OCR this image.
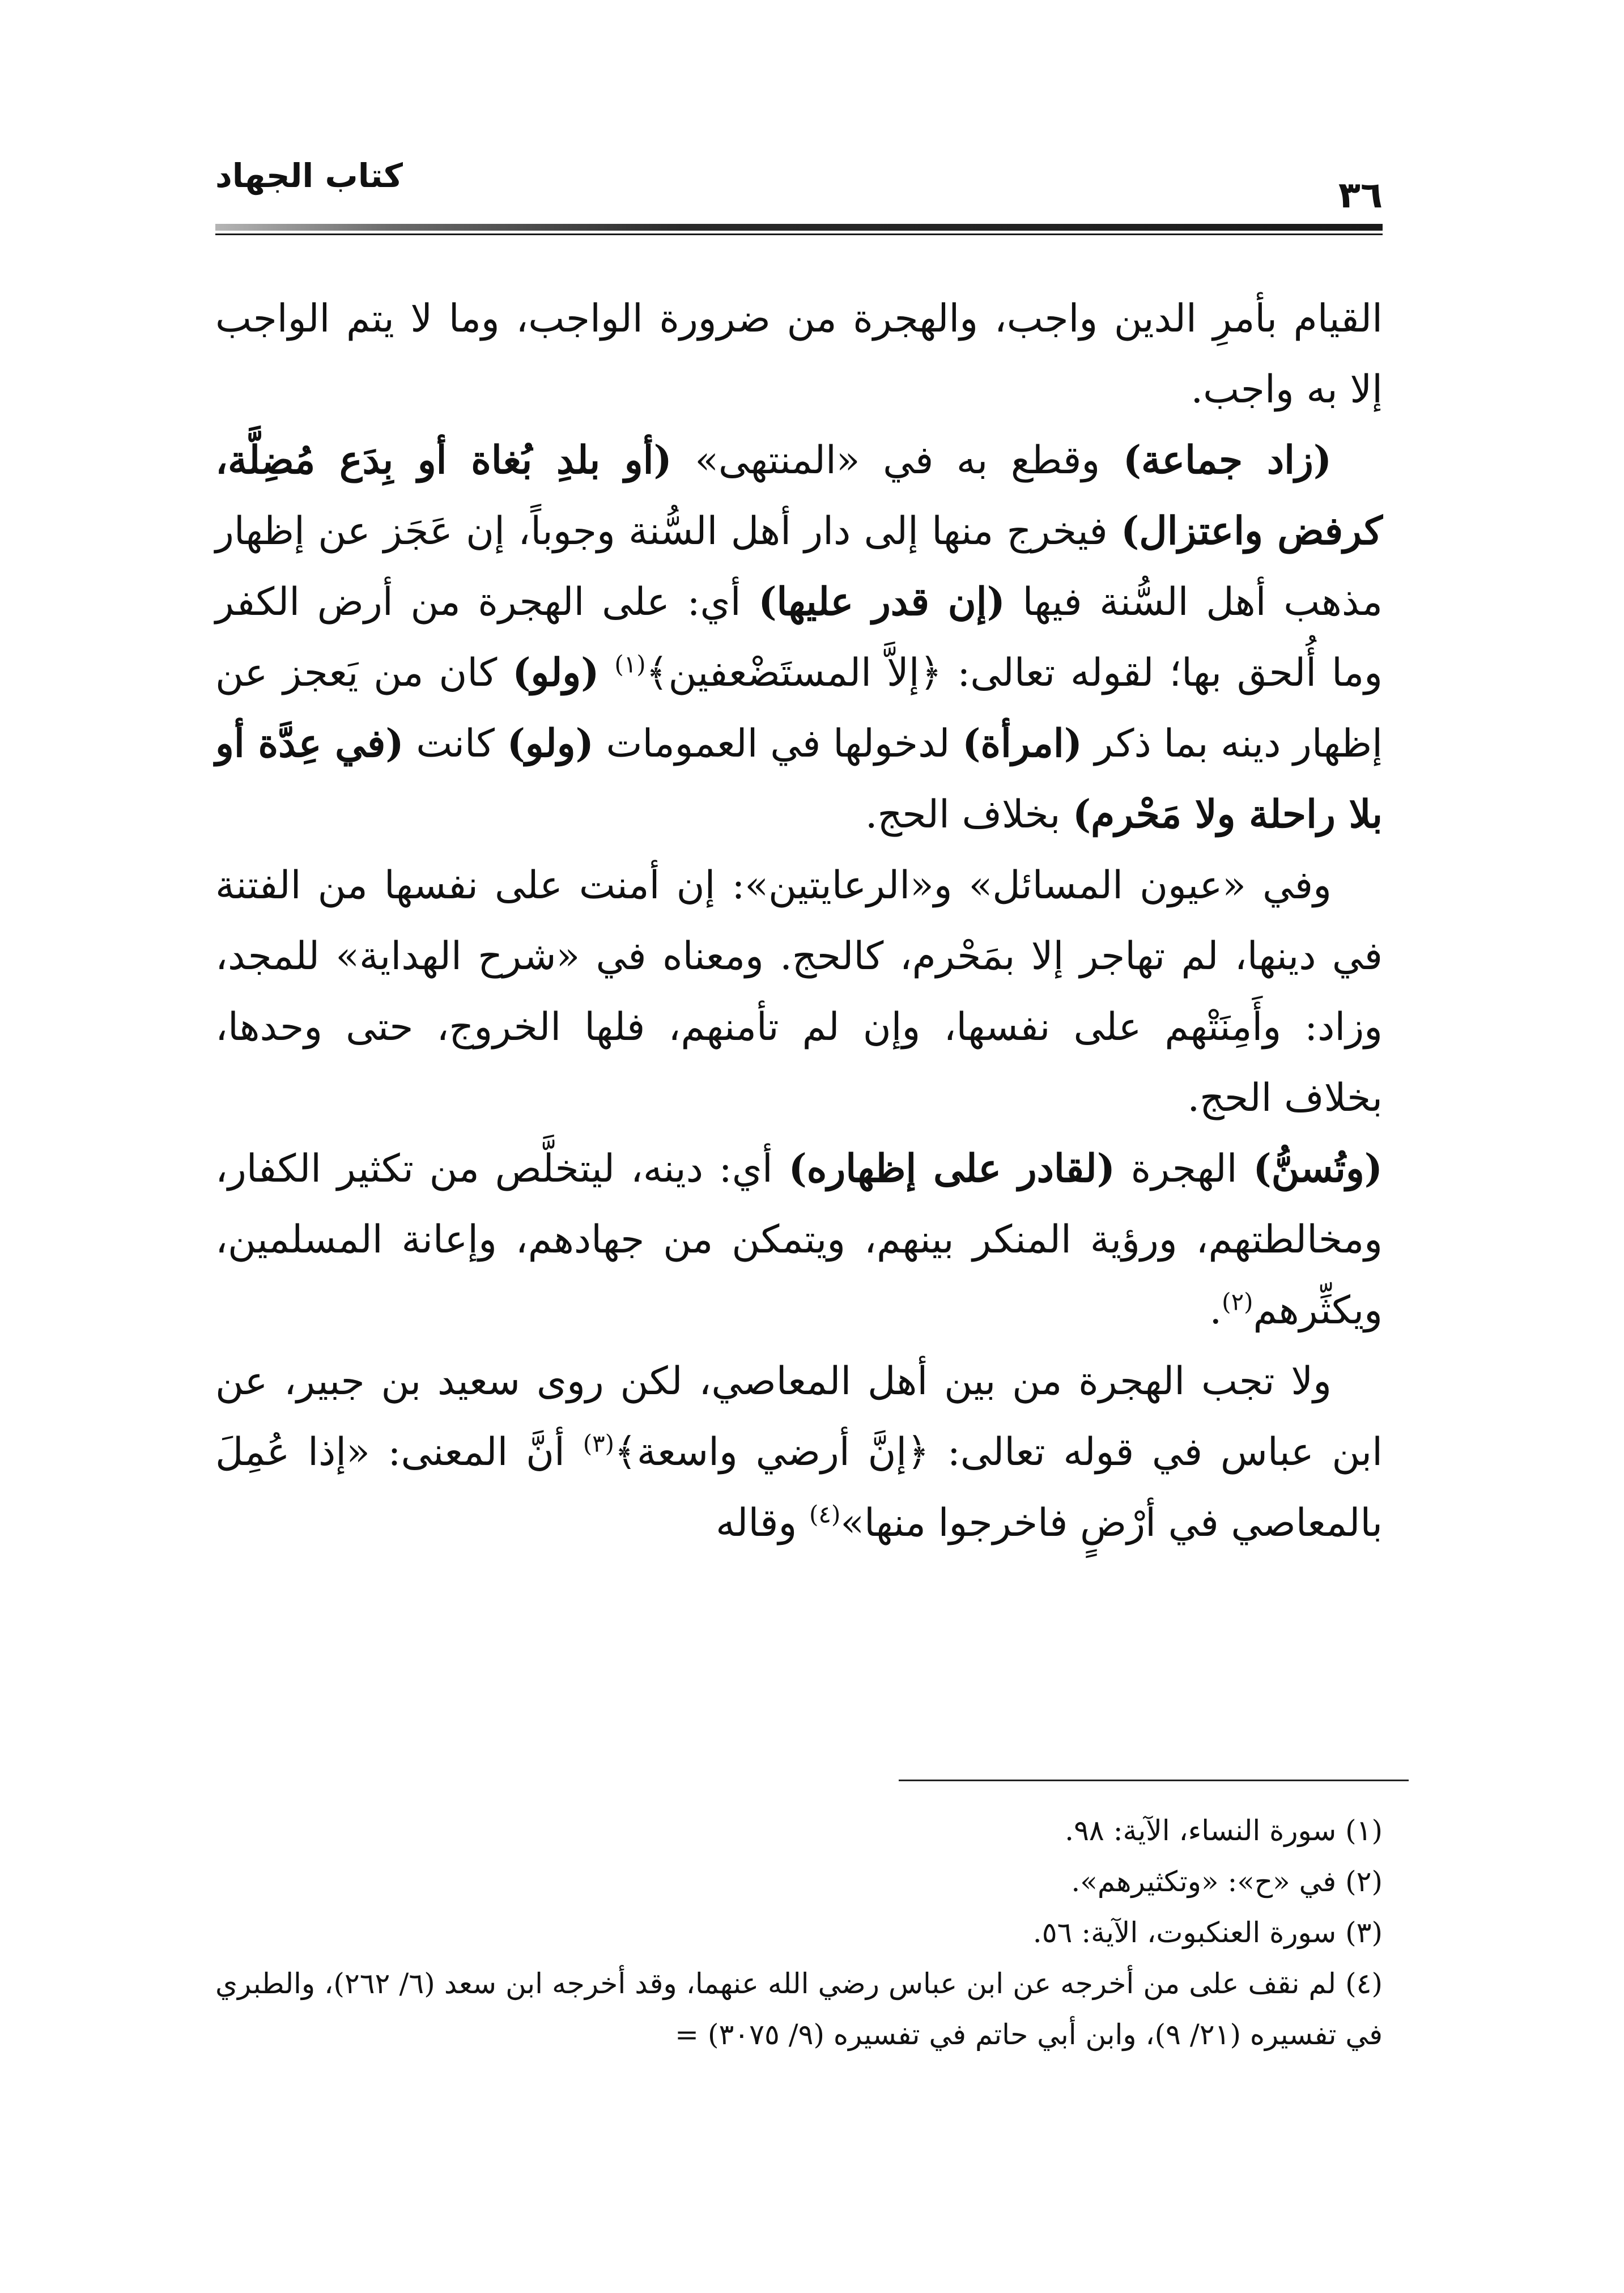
كتاب الجهاد	٣٦

القيام بأمرِ الدين واجب، والهجرة من ضرورة الواجب، وما لا يتم الواجب إلا به واجب.

(زاد جماعة) وقطع به في «المنتهى» (أو بلدِ بُغاة أو بِدَع مُضِلَّة، كرفض واعتزال) فيخرج منها إلى دار أهل السُّنة وجوباً، إن عَجَز عن إظهار مذهب أهل السُّنة فيها (إن قدر عليها) أي: على الهجرة من أرض الكفر وما أُلحق بها؛ لقوله تعالى: ﴿إلاَّ المستَضْعفين﴾$^{(١)}$ (ولو) كان من يَعجز عن إظهار دينه بما ذكر (امرأة) لدخولها في العمومات (ولو) كانت (في عِدَّة أو بلا راحلة ولا مَحْرم) بخلاف الحج.

وفي «عيون المسائل» و«الرعايتين»: إن أمنت على نفسها من الفتنة في دينها، لم تهاجر إلا بمَحْرم، كالحج. ومعناه في «شرح الهداية» للمجد، وزاد: وأَمِنَتْهم على نفسها، وإن لم تأمنهم، فلها الخروج، حتى وحدها، بخلاف الحج.

(وتُسنُّ) الهجرة (لقادر على إظهاره) أي: دينه، ليتخلَّص من تكثير الكفار، ومخالطتهم، ورؤية المنكر بينهم، ويتمكن من جهادهم، وإعانة المسلمين، ويكثِّرهم$^{(٢)}$.

ولا تجب الهجرة من بين أهل المعاصي، لكن روى سعيد بن جبير، عن ابن عباس في قوله تعالى: ﴿إنَّ أرضي واسعة﴾$^{(٣)}$ أنَّ المعنى: «إذا عُمِلَ بالمعاصي في أرْضٍ فاخرجوا منها»$^{(٤)}$ وقاله

(١) سورة النساء، الآية: ٩٨.

(٢) في «ح»: «وتكثيرهم».

(٣) سورة العنكبوت، الآية: ٥٦.

(٤) لم نقف على من أخرجه عن ابن عباس رضي الله عنهما، وقد أخرجه ابن سعد (٦/ ٢٦٢)، والطبري في تفسيره (٢١/ ٩)، وابن أبي حاتم في تفسيره (٩/ ٣٠٧٥) =
